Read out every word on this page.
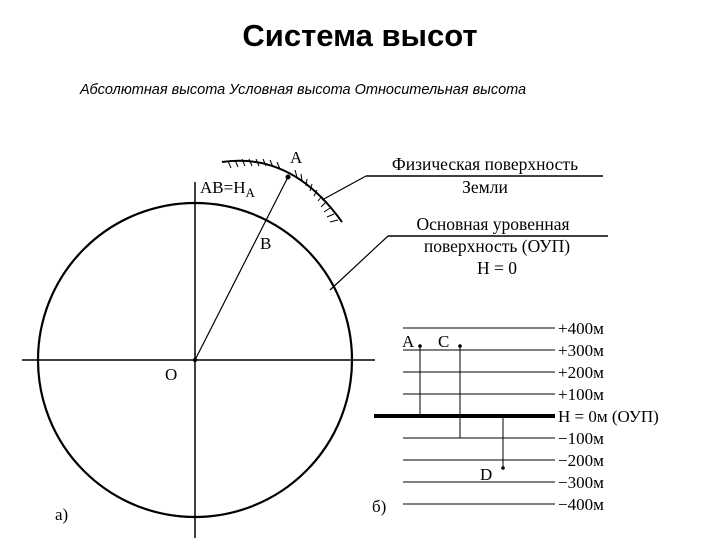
Система высот
Абсолютная высота Условная высота Относительная высота
A
$AB=H_A$
B
O
а)
Физическая поверхность
Земли
Основная уровенная
поверхность (ОУП)
H = 0
+400м
+300м
+200м
+100м
H = 0м (ОУП)
−100м
−200м
−300м
−400м
A C
D
б)
